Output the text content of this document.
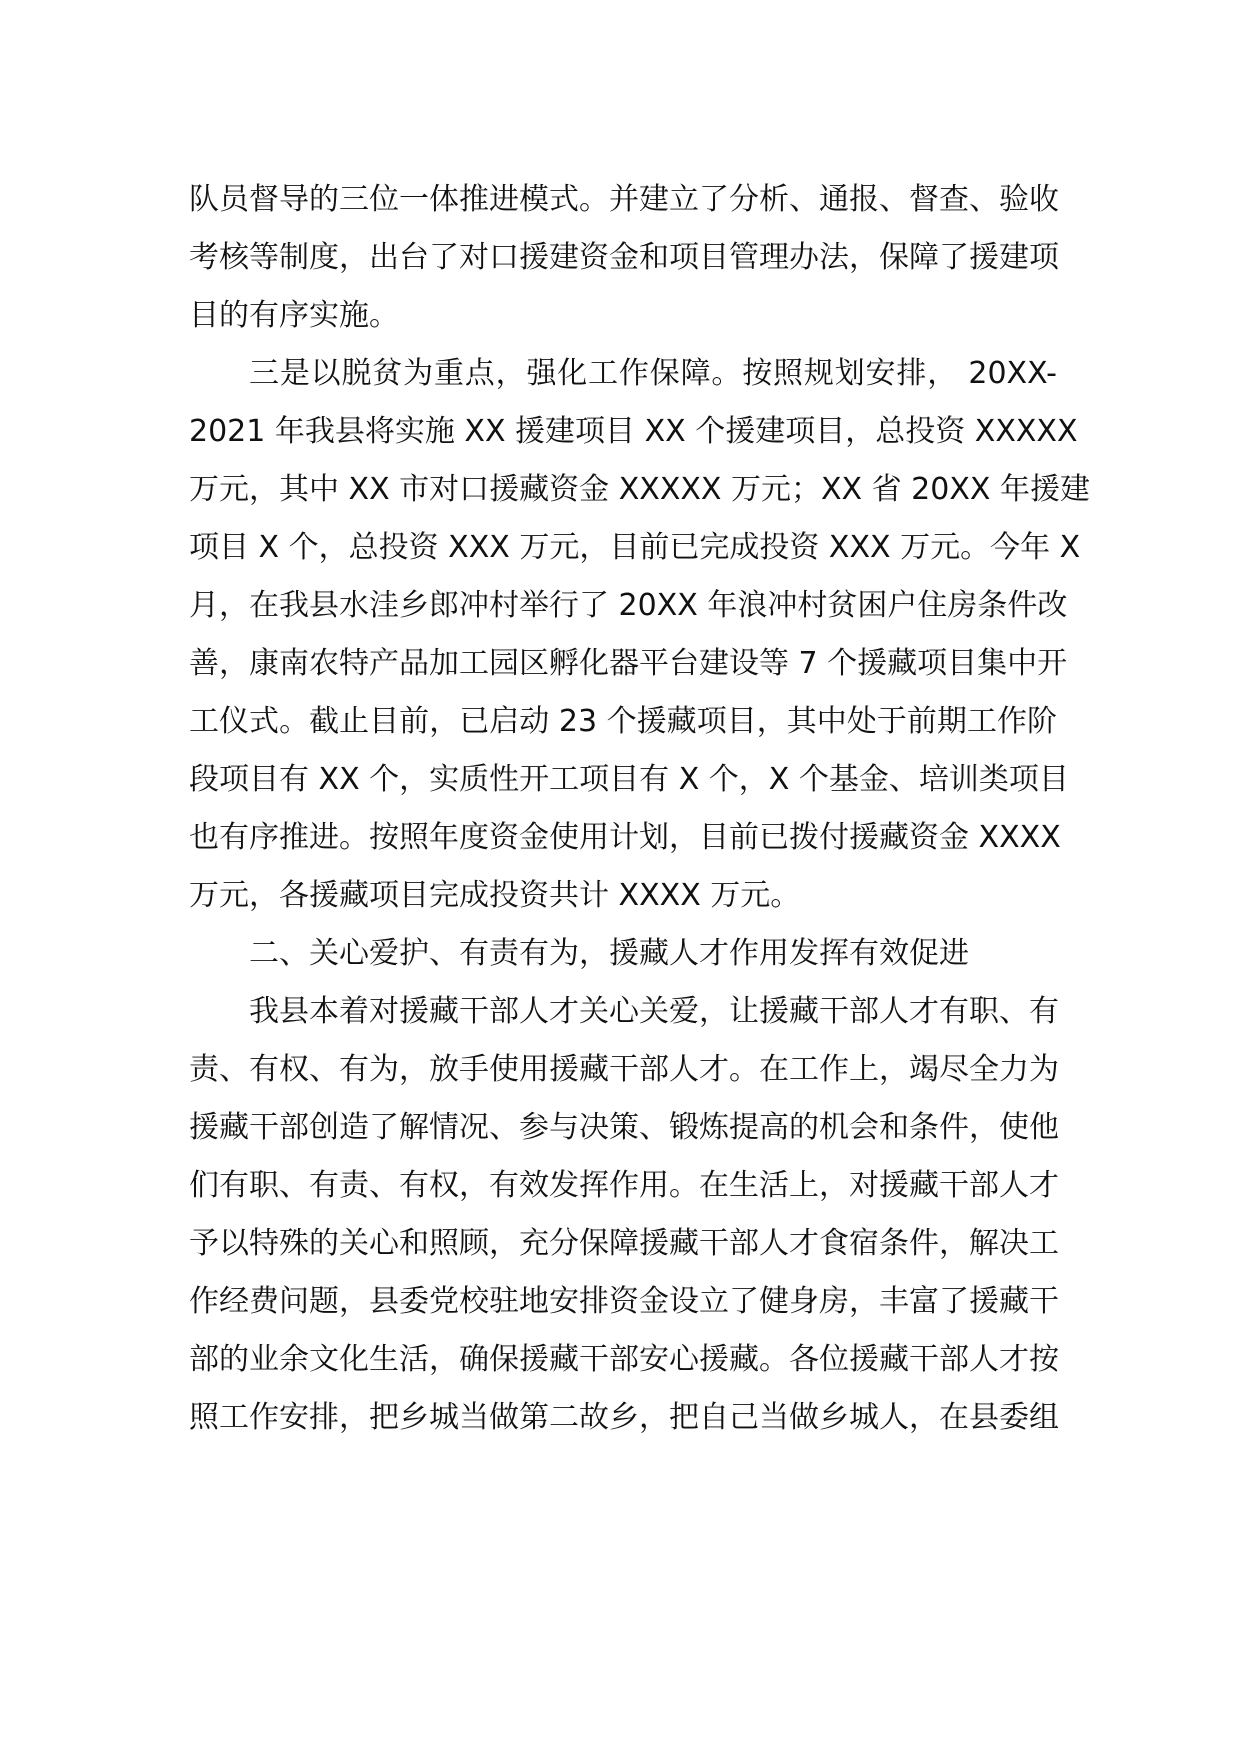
队员督导的三位一体推进模式。并建立了分析、通报、督查、验收
考核等制度，出台了对口援建资金和项目管理办法，保障了援建项
目的有序实施。
三是以脱贫为重点，强化工作保障。按照规划安排， 20XX-
2021 年我县将实施 XX 援建项目 XX 个援建项目，总投资 XXXXX
万元，其中 XX 市对口援藏资金 XXXXX 万元；XX 省 20XX 年援建
项目 X 个，总投资 XXX 万元，目前已完成投资 XXX 万元。今年 X
月，在我县水洼乡郎冲村举行了 20XX 年浪冲村贫困户住房条件改
善，康南农特产品加工园区孵化器平台建设等 7 个援藏项目集中开
工仪式。截止目前，已启动 23 个援藏项目，其中处于前期工作阶
段项目有 XX 个，实质性开工项目有 X 个，X 个基金、培训类项目
也有序推进。按照年度资金使用计划，目前已拨付援藏资金 XXXX
万元，各援藏项目完成投资共计 XXXX 万元。
二、关心爱护、有责有为，援藏人才作用发挥有效促进
我县本着对援藏干部人才关心关爱，让援藏干部人才有职、有
责、有权、有为，放手使用援藏干部人才。在工作上，竭尽全力为
援藏干部创造了解情况、参与决策、锻炼提高的机会和条件，使他
们有职、有责、有权，有效发挥作用。在生活上，对援藏干部人才
予以特殊的关心和照顾，充分保障援藏干部人才食宿条件，解决工
作经费问题，县委党校驻地安排资金设立了健身房，丰富了援藏干
部的业余文化生活，确保援藏干部安心援藏。各位援藏干部人才按
照工作安排，把乡城当做第二故乡，把自己当做乡城人，在县委组
